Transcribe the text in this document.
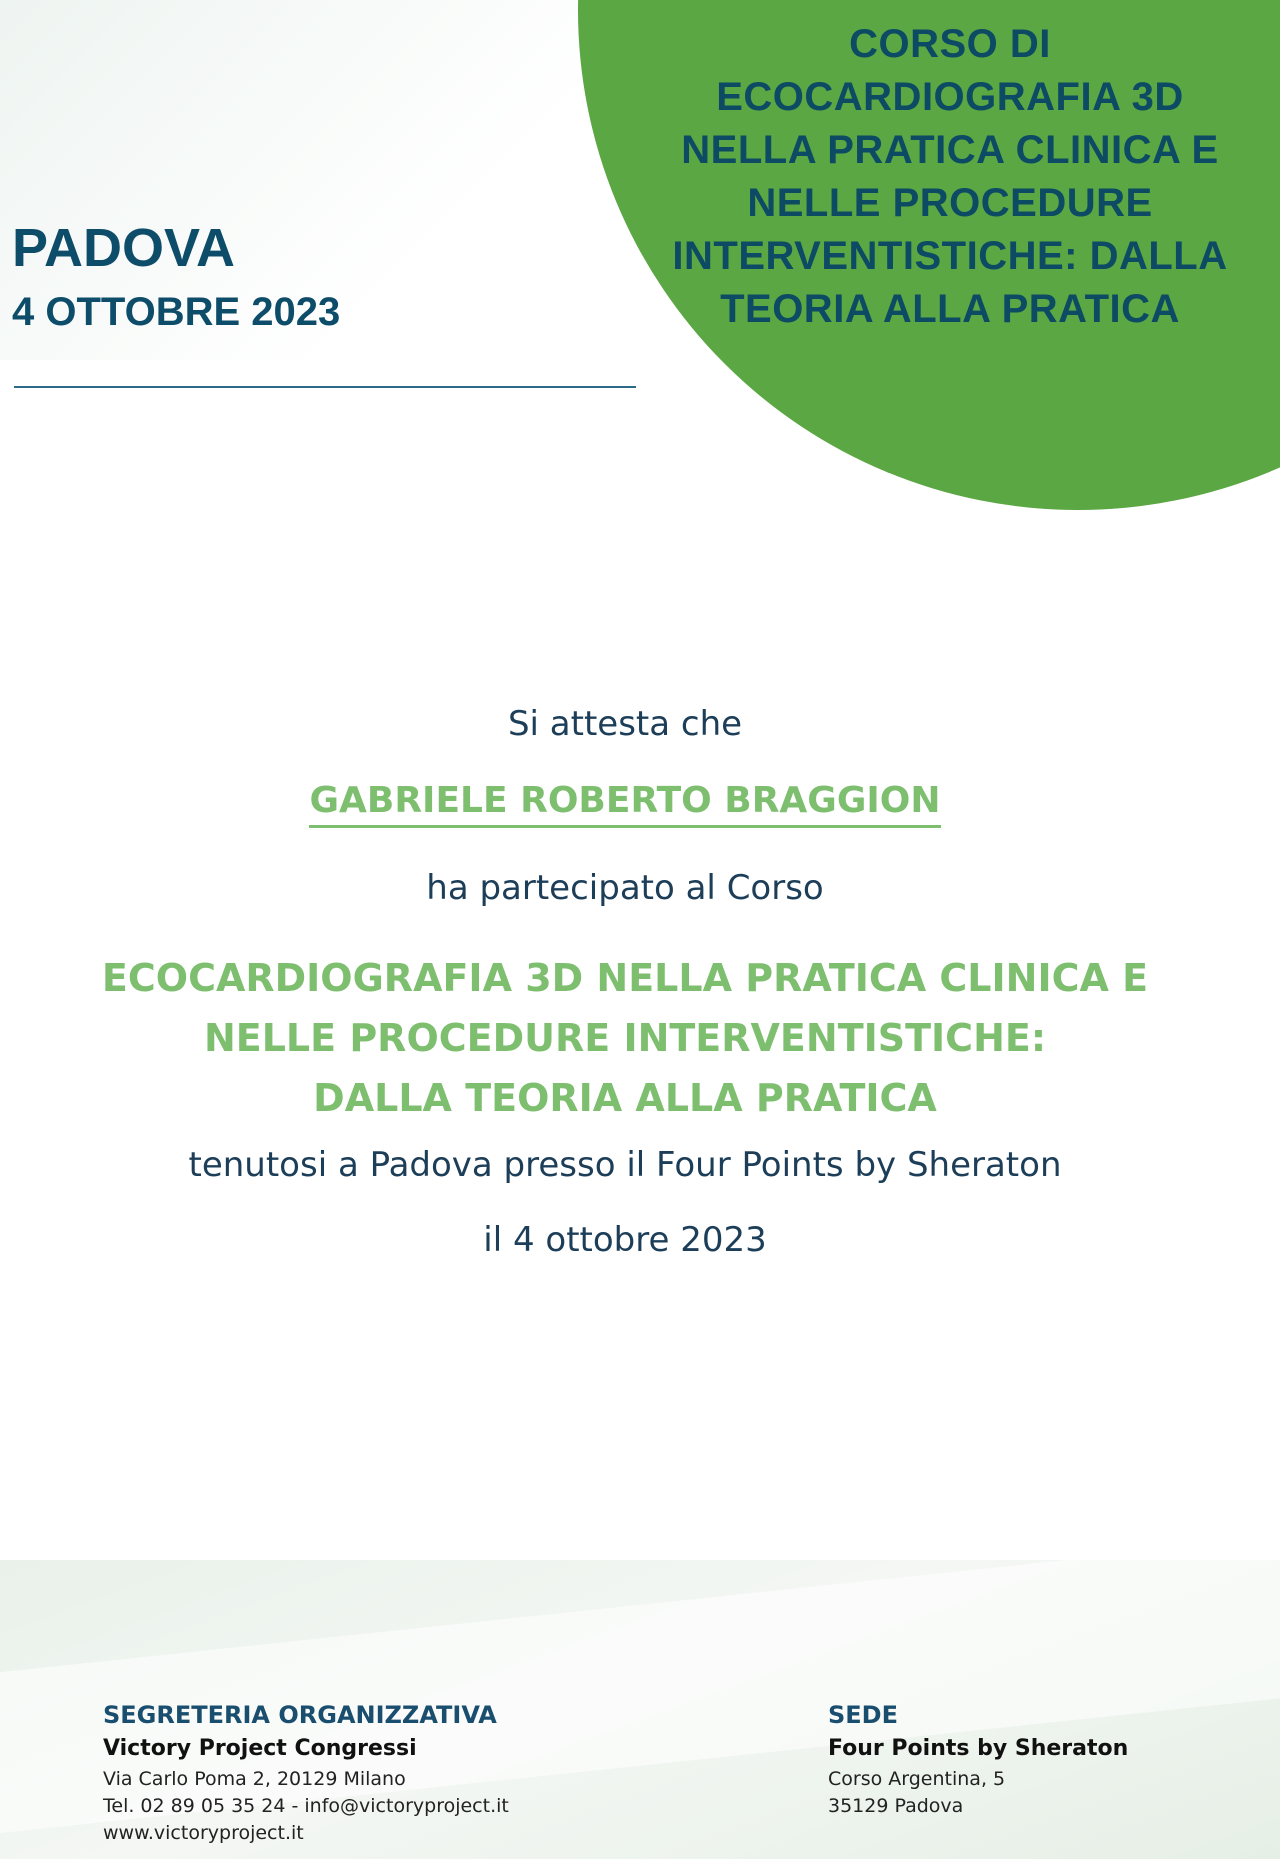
CORSO DI
ECOCARDIOGRAFIA 3D
NELLA PRATICA CLINICA E
NELLE PROCEDURE
INTERVENTISTICHE: DALLA
TEORIA ALLA PRATICA
PADOVA
4 OTTOBRE 2023
Si attesta che
GABRIELE ROBERTO BRAGGION
ha partecipato al Corso
ECOCARDIOGRAFIA 3D NELLA PRATICA CLINICA E
NELLE PROCEDURE INTERVENTISTICHE:
DALLA TEORIA ALLA PRATICA
tenutosi a Padova presso il Four Points by Sheraton
il 4 ottobre 2023
SEGRETERIA ORGANIZZATIVA
Victory Project Congressi
Via Carlo Poma 2, 20129 Milano
Tel. 02 89 05 35 24 - info@victoryproject.it
www.victoryproject.it
SEDE
Four Points by Sheraton
Corso Argentina, 5
35129 Padova
